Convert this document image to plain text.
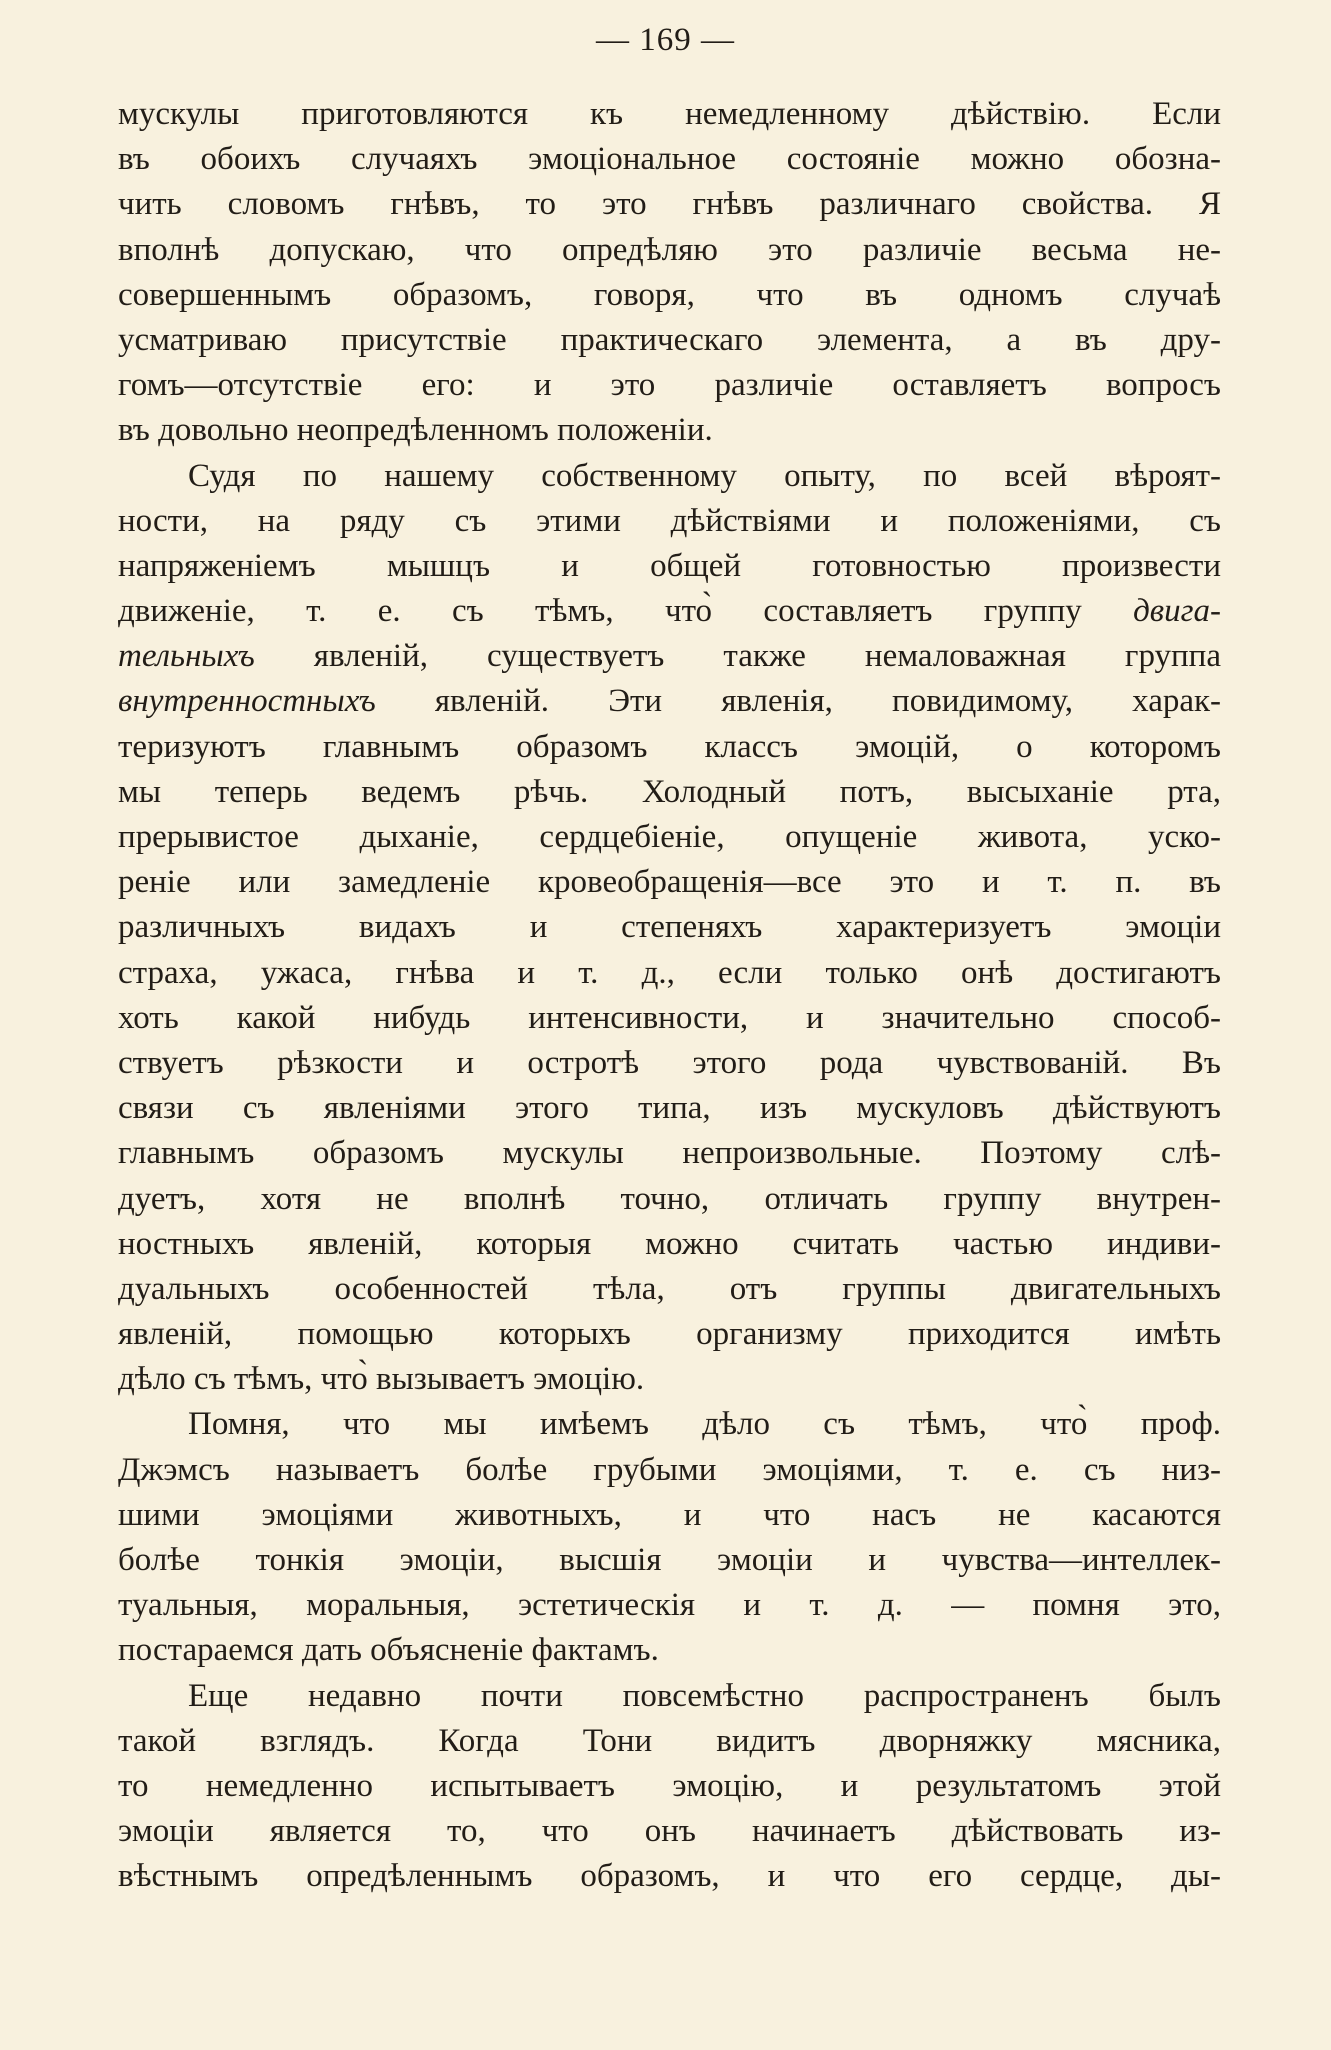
— 169 —
мускулы приготовляются къ немедленному дѣйствію. Если
въ обоихъ случаяхъ эмоціональное состояніе можно обозна-
чить словомъ гнѣвъ, то это гнѣвъ различнаго свойства. Я
вполнѣ допускаю, что опредѣляю это различіе весьма не-
совершеннымъ образомъ, говоря, что въ одномъ случаѣ
усматриваю присутствіе практическаго элемента, а въ дру-
гомъ—отсутствіе его: и это различіе оставляетъ вопросъ
въ довольно неопредѣленномъ положеніи.
Судя по нашему собственному опыту, по всей вѣроят-
ности, на ряду съ этими дѣйствіями и положеніями, съ
напряженіемъ мышцъ и общей готовностью произвести
движеніе, т. е. съ тѣмъ, что̀ составляетъ группу двига-
тельныхъ явленій, существуетъ также немаловажная группа
внутренностныхъ явленій. Эти явленія, повидимому, харак-
теризуютъ главнымъ образомъ классъ эмоцій, о которомъ
мы теперь ведемъ рѣчь. Холодный потъ, высыханіе рта,
прерывистое дыханіе, сердцебіеніе, опущеніе живота, уско-
реніе или замедленіе кровеобращенія—все это и т. п. въ
различныхъ видахъ и степеняхъ характеризуетъ эмоціи
страха, ужаса, гнѣва и т. д., если только онѣ достигаютъ
хоть какой нибудь интенсивности, и значительно способ-
ствуетъ рѣзкости и остротѣ этого рода чувствованій. Въ
связи съ явленіями этого типа, изъ мускуловъ дѣйствуютъ
главнымъ образомъ мускулы непроизвольные. Поэтому слѣ-
дуетъ, хотя не вполнѣ точно, отличать группу внутрен-
ностныхъ явленій, которыя можно считать частью индиви-
дуальныхъ особенностей тѣла, отъ группы двигательныхъ
явленій, помощью которыхъ организму приходится имѣть
дѣло съ тѣмъ, что̀ вызываетъ эмоцію.
Помня, что мы имѣемъ дѣло съ тѣмъ, что̀ проф.
Джэмсъ называетъ болѣе грубыми эмоціями, т. е. съ низ-
шими эмоціями животныхъ, и что насъ не касаются
болѣе тонкія эмоціи, высшія эмоціи и чувства—интеллек-
туальныя, моральныя, эстетическія и т. д. — помня это,
постараемся дать объясненіе фактамъ.
Еще недавно почти повсемѣстно распространенъ былъ
такой взглядъ. Когда Тони видитъ дворняжку мясника,
то немедленно испытываетъ эмоцію, и результатомъ этой
эмоціи является то, что онъ начинаетъ дѣйствовать из-
вѣстнымъ опредѣленнымъ образомъ, и что его сердце, ды-
